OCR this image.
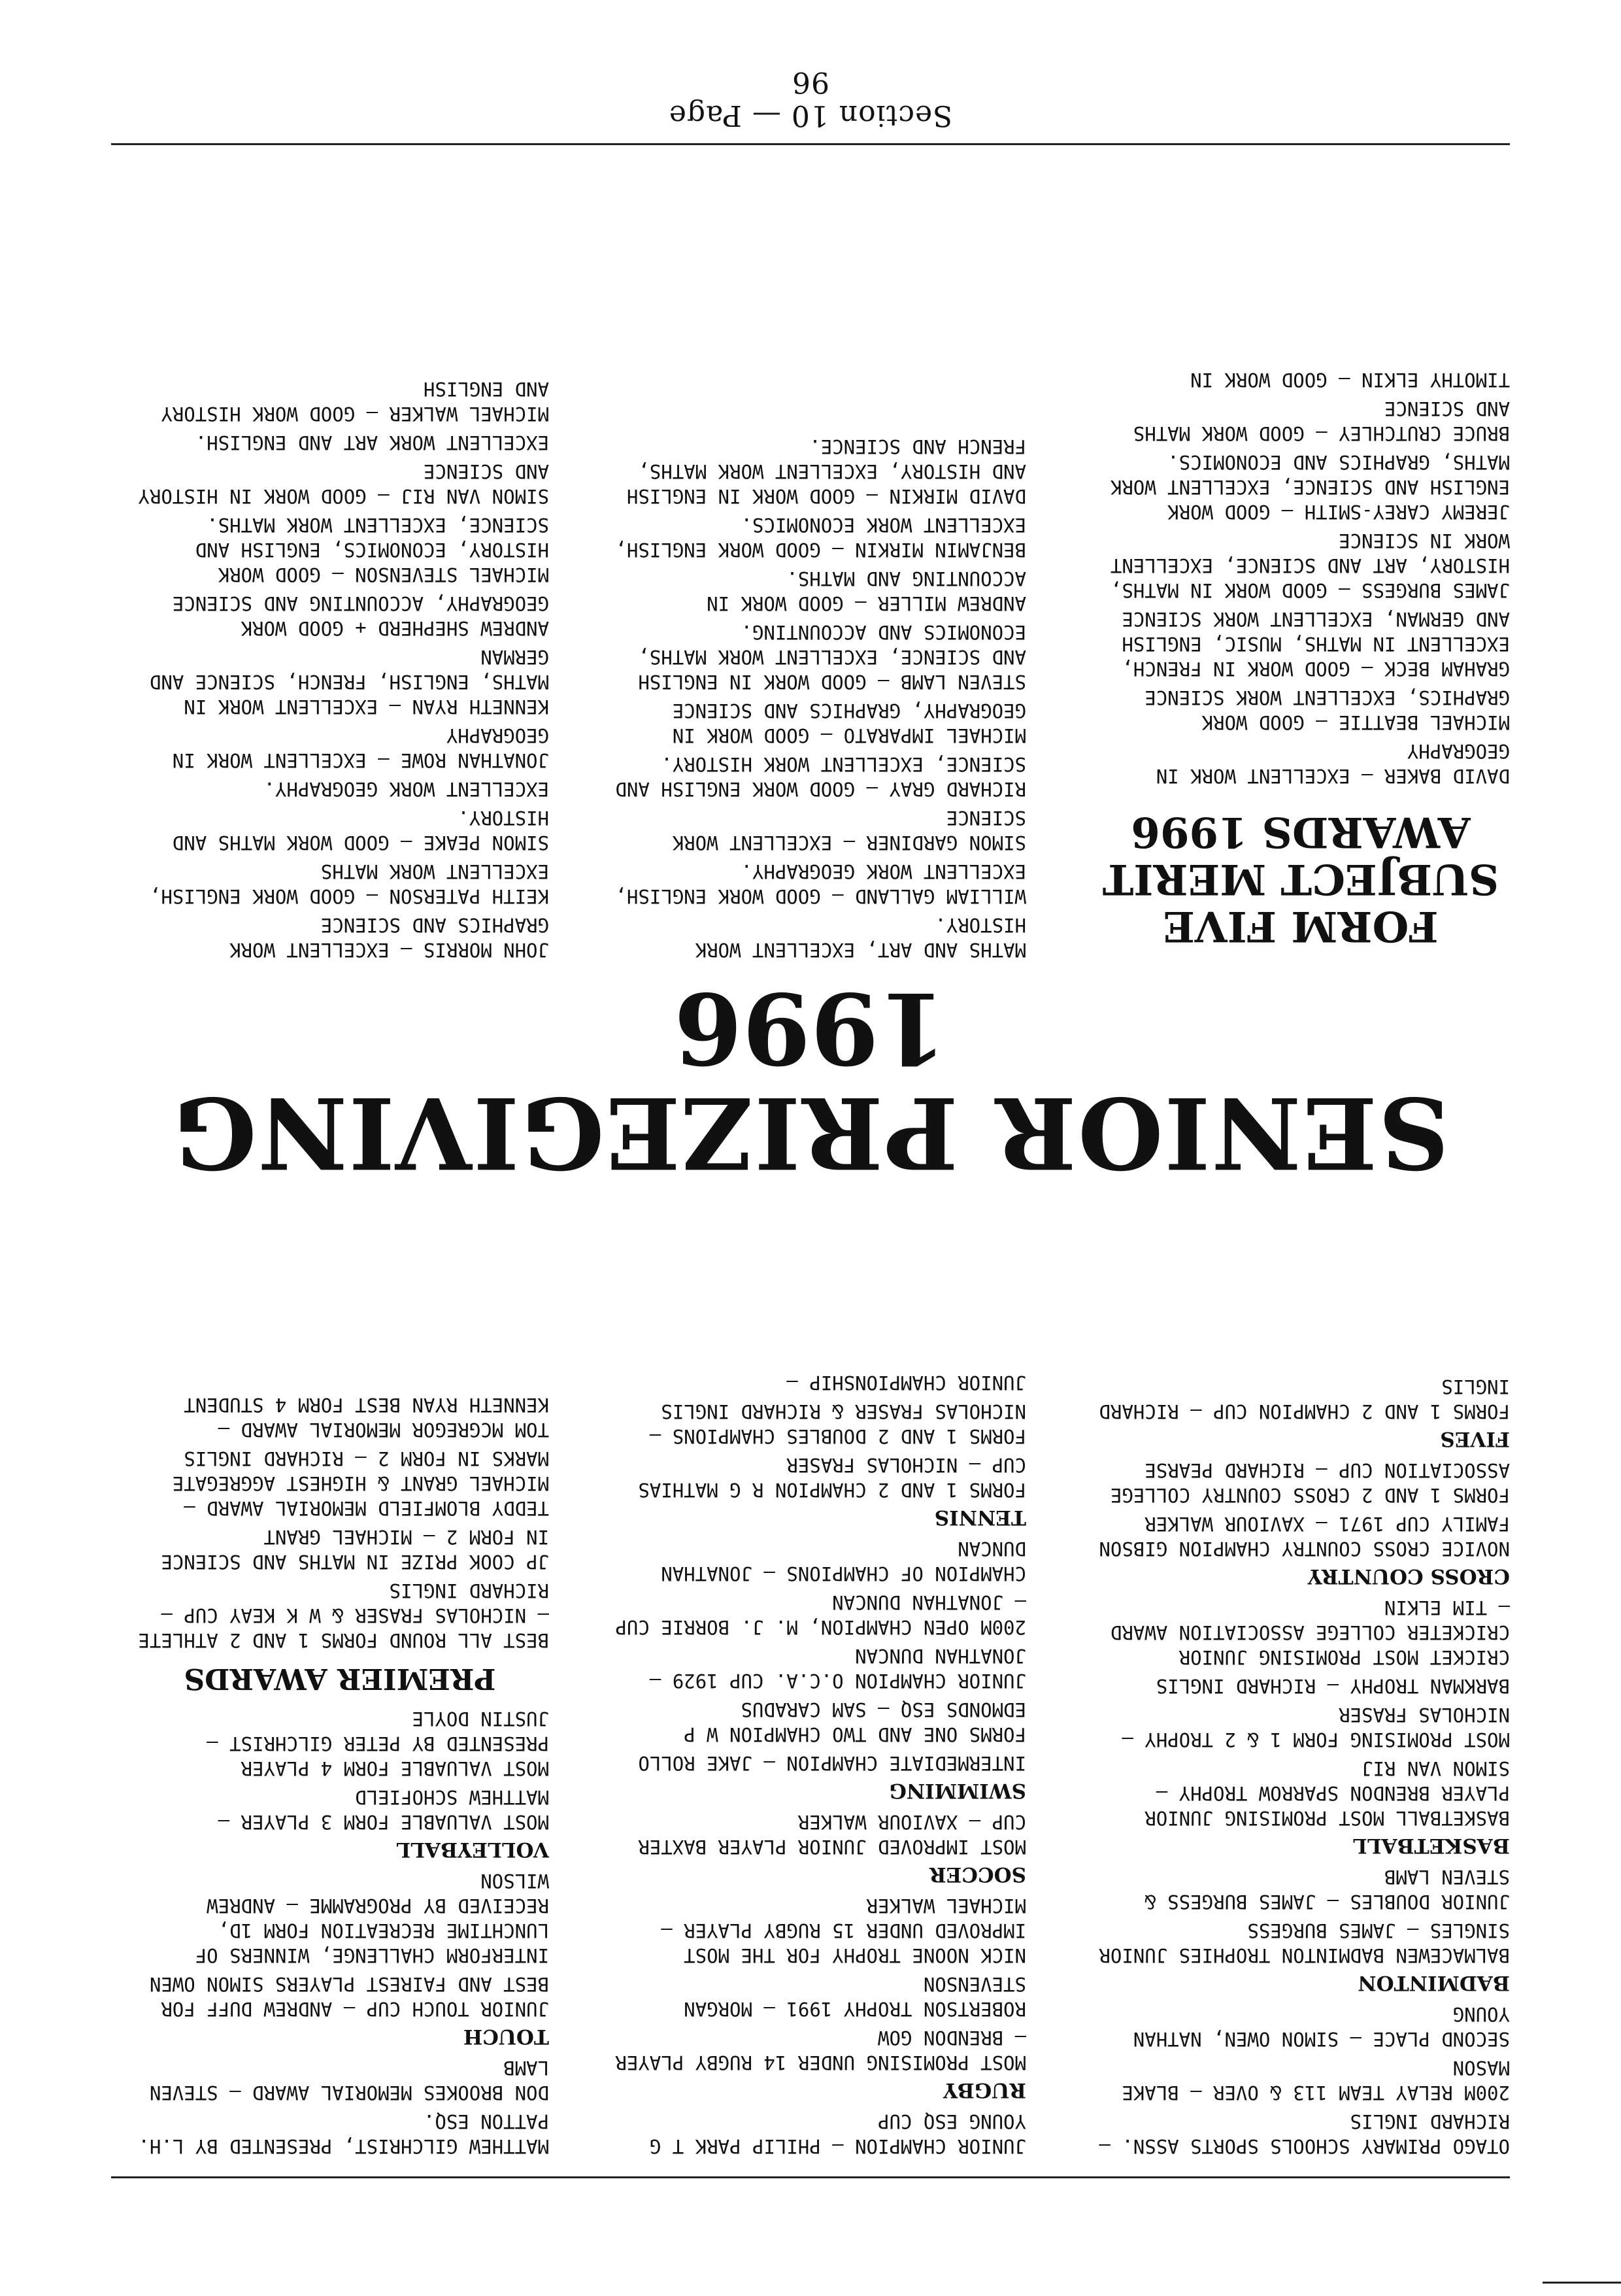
OTAGO PRIMARY SCHOOLS SPORTS ASSN. — RICHARD INGLIS
200M RELAY TEAM 113 & OVER — BLAKE MASON
SECOND PLACE — SIMON OWEN, NATHAN YOUNG
BADMINTON
BALMACEWEN BADMINTON TROPHIES JUNIOR SINGLES — JAMES BURGESS
JUNIOR DOUBLES — JAMES BURGESS & STEVEN LAMB
BASKETBALL
BASKETBALL MOST PROMISING JUNIOR PLAYER BRENDON SPARROW TROPHY — SIMON VAN RIJ
MOST PROMISING FORM 1 & 2 TROPHY — NICHOLAS FRASER
BARKMAN TROPHY — RICHARD INGLIS
CRICKET MOST PROMISING JUNIOR CRICKETER COLLEGE ASSOCIATION AWARD — TIM ELKIN
CROSS COUNTRY
NOVICE CROSS COUNTRY CHAMPION GIBSON FAMILY CUP 1971 — XAVIOUR WALKER
FORMS 1 AND 2 CROSS COUNTRY COLLEGE ASSOCIATION CUP — RICHARD PEARSE
FIVES
FORMS 1 AND 2 CHAMPION CUP — RICHARD INGLIS
JUNIOR CHAMPION — PHILIP PARK T G YOUNG ESQ CUP
RUGBY
MOST PROMISING UNDER 14 RUGBY PLAYER — BRENDON GOW
ROBERTSON TROPHY 1991 — MORGAN STEVENSON
NICK NOONE TROPHY FOR THE MOST IMPROVED UNDER 15 RUGBY PLAYER — MICHAEL WALKER
SOCCER
MOST IMPROVED JUNIOR PLAYER BAXTER CUP — XAVIOUR WALKER
SWIMMING
INTERMEDIATE CHAMPION — JAKE ROLLO
FORMS ONE AND TWO CHAMPION W P EDMONDS ESQ — SAM CARADUS
JUNIOR CHAMPION O.C.A. CUP 1929 — JONATHAN DUNCAN
200M OPEN CHAMPION, M. J. BORRIE CUP — JONATHAN DUNCAN
CHAMPION OF CHAMPIONS — JONATHAN DUNCAN
TENNIS
FORMS 1 AND 2 CHAMPION R G MATHIAS CUP — NICHOLAS FRASER
FORMS 1 AND 2 DOUBLES CHAMPIONS — NICHOLAS FRASER & RICHARD INGLIS
JUNIOR CHAMPIONSHIP —
MATTHEW GILCHRIST, PRESENTED BY L.H. PATTON ESQ.
DON BROOKES MEMORIAL AWARD — STEVEN LAMB
TOUCH
JUNIOR TOUCH CUP — ANDREW DUFF FOR BEST AND FAIREST PLAYERS SIMON OWEN
INTERFORM CHALLENGE, WINNERS OF LUNCHTIME RECREATION FORM 1D, RECEIVED BY PROGRAMME — ANDREW WILSON
VOLLEYBALL
MOST VALUABLE FORM 3 PLAYER — MATTHEW SCHOFIELD
MOST VALUABLE FORM 4 PLAYER PRESENTED BY PETER GILCHRIST — JUSTIN DOYLE
PREMIER AWARDS
BEST ALL ROUND FORMS 1 AND 2 ATHLETE — NICHOLAS FRASER & W K KEAY CUP — RICHARD INGLIS
JP COOK PRIZE IN MATHS AND SCIENCE IN FORM 2 — MICHAEL GRANT
TEDDY BLOMFIELD MEMORIAL AWARD — MICHAEL GRANT & HIGHEST AGGREGATE MARKS IN FORM 2 — RICHARD INGLIS
TOM MCGREGOR MEMORIAL AWARD — KENNETH RYAN BEST FORM 4 STUDENT
SENIOR PRIZEGIVING
1996
FORM FIVE SUBJECT MERIT AWARDS 1996
DAVID BAKER — EXCELLENT WORK IN GEOGRAPHY
MICHAEL BEATTIE — GOOD WORK GRAPHICS, EXCELLENT WORK SCIENCE
GRAHAM BECK — GOOD WORK IN FRENCH, EXCELLENT IN MATHS, MUSIC, ENGLISH AND GERMAN, EXCELLENT WORK SCIENCE
JAMES BURGESS — GOOD WORK IN MATHS, HISTORY, ART AND SCIENCE, EXCELLENT WORK IN SCIENCE
JEREMY CAREY-SMITH — GOOD WORK ENGLISH AND SCIENCE, EXCELLENT WORK MATHS, GRAPHICS AND ECONOMICS.
BRUCE CRUTCHLEY — GOOD WORK MATHS AND SCIENCE
TIMOTHY ELKIN — GOOD WORK IN
MATHS AND ART, EXCELLENT WORK HISTORY.
WILLIAM GALLAND — GOOD WORK ENGLISH, EXCELLENT WORK GEOGRAPHY.
SIMON GARDINER — EXCELLENT WORK SCIENCE
RICHARD GRAY — GOOD WORK ENGLISH AND SCIENCE, EXCELLENT WORK HISTORY.
MICHAEL IMPARATO — GOOD WORK IN GEOGRAPHY, GRAPHICS AND SCIENCE
STEVEN LAMB — GOOD WORK IN ENGLISH AND SCIENCE, EXCELLENT WORK MATHS, ECONOMICS AND ACCOUNTING.
ANDREW MILLER — GOOD WORK IN ACCOUNTING AND MATHS.
BENJAMIN MIRKIN — GOOD WORK ENGLISH, EXCELLENT WORK ECONOMICS.
DAVID MIRKIN — GOOD WORK IN ENGLISH AND HISTORY, EXCELLENT WORK MATHS, FRENCH AND SCIENCE.
JOHN MORRIS — EXCELLENT WORK GRAPHICS AND SCIENCE
KEITH PATERSON — GOOD WORK ENGLISH, EXCELLENT WORK MATHS
SIMON PEAKE — GOOD WORK MATHS AND HISTORY.
EXCELLENT WORK GEOGRAPHY.
JONATHAN ROWE — EXCELLENT WORK IN GEOGRAPHY
KENNETH RYAN — EXCELLENT WORK IN MATHS, ENGLISH, FRENCH, SCIENCE AND GERMAN
ANDREW SHEPHERD + GOOD WORK GEOGRAPHY, ACCOUNTING AND SCIENCE
MICHAEL STEVENSON — GOOD WORK HISTORY, ECONOMICS, ENGLISH AND SCIENCE, EXCELLENT WORK MATHS.
SIMON VAN RIJ — GOOD WORK IN HISTORY AND SCIENCE
EXCELLENT WORK ART AND ENGLISH.
MICHAEL WALKER — GOOD WORK HISTORY AND ENGLISH
Section 10 — Page 96
